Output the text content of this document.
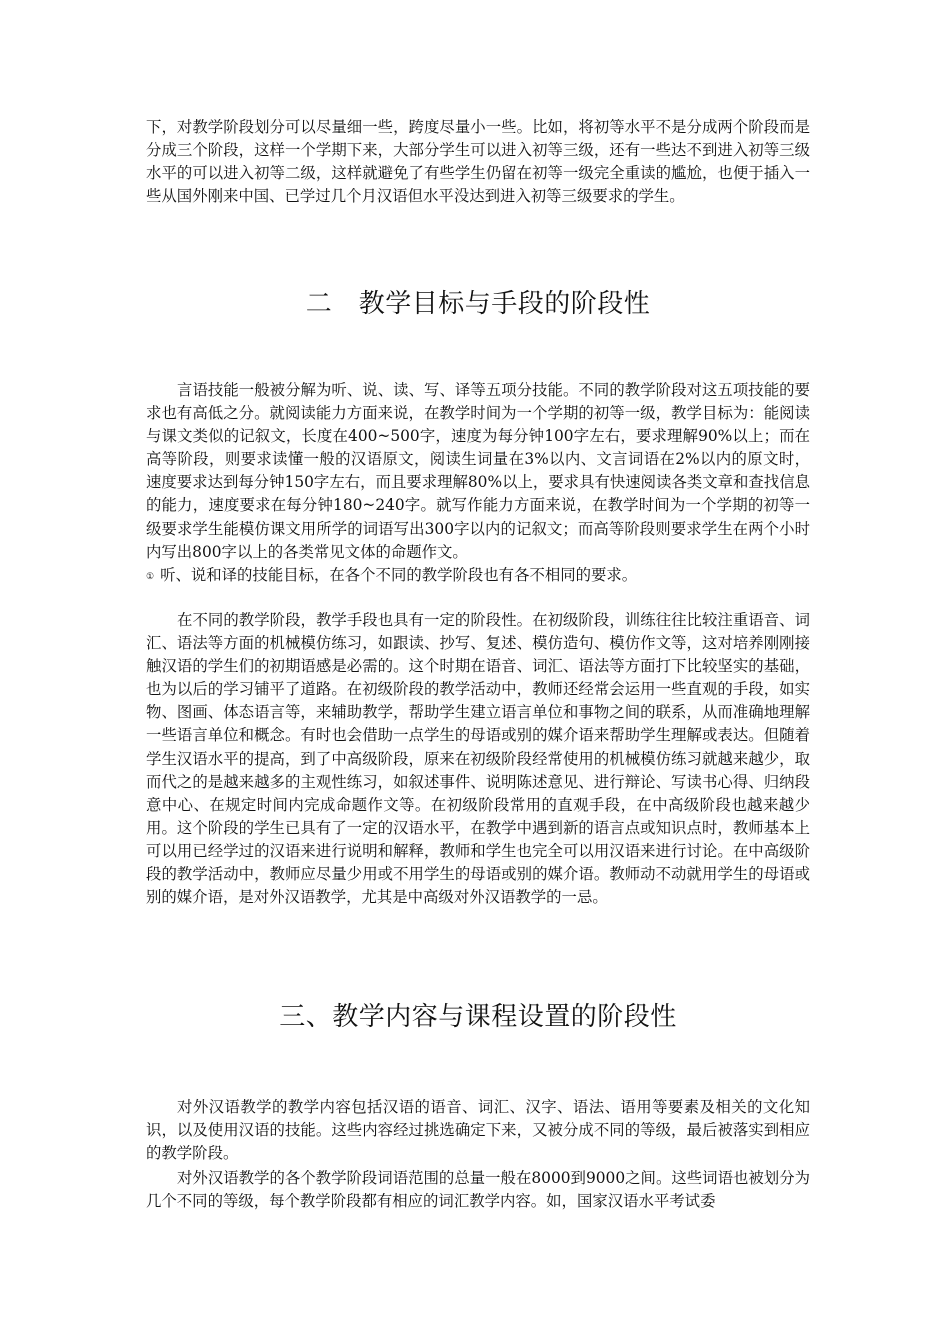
下，对教学阶段划分可以尽量细一些，跨度尽量小一些。比如，将初等水平不是分成两个阶段而是分成三个阶段，这样一个学期下来，大部分学生可以进入初等三级，还有一些达不到进入初等三级水平的可以进入初等二级，这样就避免了有些学生仍留在初等一级完全重读的尴尬，也便于插入一些从国外刚来中国、已学过几个月汉语但水平没达到进入初等三级要求的学生。

二　教学目标与手段的阶段性

言语技能一般被分解为听、说、读、写、译等五项分技能。不同的教学阶段对这五项技能的要求也有高低之分。就阅读能力方面来说，在教学时间为一个学期的初等一级，教学目标为：能阅读与课文类似的记叙文，长度在400~500字，速度为每分钟100字左右，要求理解90%以上；而在高等阶段，则要求读懂一般的汉语原文，阅读生词量在3%以内、文言词语在2%以内的原文时，速度要求达到每分钟150字左右，而且要求理解80%以上，要求具有快速阅读各类文章和查找信息的能力，速度要求在每分钟180~240字。就写作能力方面来说，在教学时间为一个学期的初等一级要求学生能模仿课文用所学的词语写出300字以内的记叙文；而高等阶段则要求学生在两个小时内写出800字以上的各类常见文体的命题作文。
① 听、说和译的技能目标，在各个不同的教学阶段也有各不相同的要求。

在不同的教学阶段，教学手段也具有一定的阶段性。在初级阶段，训练往往比较注重语音、词汇、语法等方面的机械模仿练习，如跟读、抄写、复述、模仿造句、模仿作文等，这对培养刚刚接触汉语的学生们的初期语感是必需的。这个时期在语音、词汇、语法等方面打下比较坚实的基础，也为以后的学习铺平了道路。在初级阶段的教学活动中，教师还经常会运用一些直观的手段，如实物、图画、体态语言等，来辅助教学，帮助学生建立语言单位和事物之间的联系，从而准确地理解一些语言单位和概念。有时也会借助一点学生的母语或别的媒介语来帮助学生理解或表达。但随着学生汉语水平的提高，到了中高级阶段，原来在初级阶段经常使用的机械模仿练习就越来越少，取而代之的是越来越多的主观性练习，如叙述事件、说明陈述意见、进行辩论、写读书心得、归纳段意中心、在规定时间内完成命题作文等。在初级阶段常用的直观手段，在中高级阶段也越来越少用。这个阶段的学生已具有了一定的汉语水平，在教学中遇到新的语言点或知识点时，教师基本上可以用已经学过的汉语来进行说明和解释，教师和学生也完全可以用汉语来进行讨论。在中高级阶段的教学活动中，教师应尽量少用或不用学生的母语或别的媒介语。教师动不动就用学生的母语或别的媒介语，是对外汉语教学，尤其是中高级对外汉语教学的一忌。

三、教学内容与课程设置的阶段性

对外汉语教学的教学内容包括汉语的语音、词汇、汉字、语法、语用等要素及相关的文化知识，以及使用汉语的技能。这些内容经过挑选确定下来，又被分成不同的等级，最后被落实到相应的教学阶段。

对外汉语教学的各个教学阶段词语范围的总量一般在8000到9000之间。这些词语也被划分为几个不同的等级，每个教学阶段都有相应的词汇教学内容。如，国家汉语水平考试委
